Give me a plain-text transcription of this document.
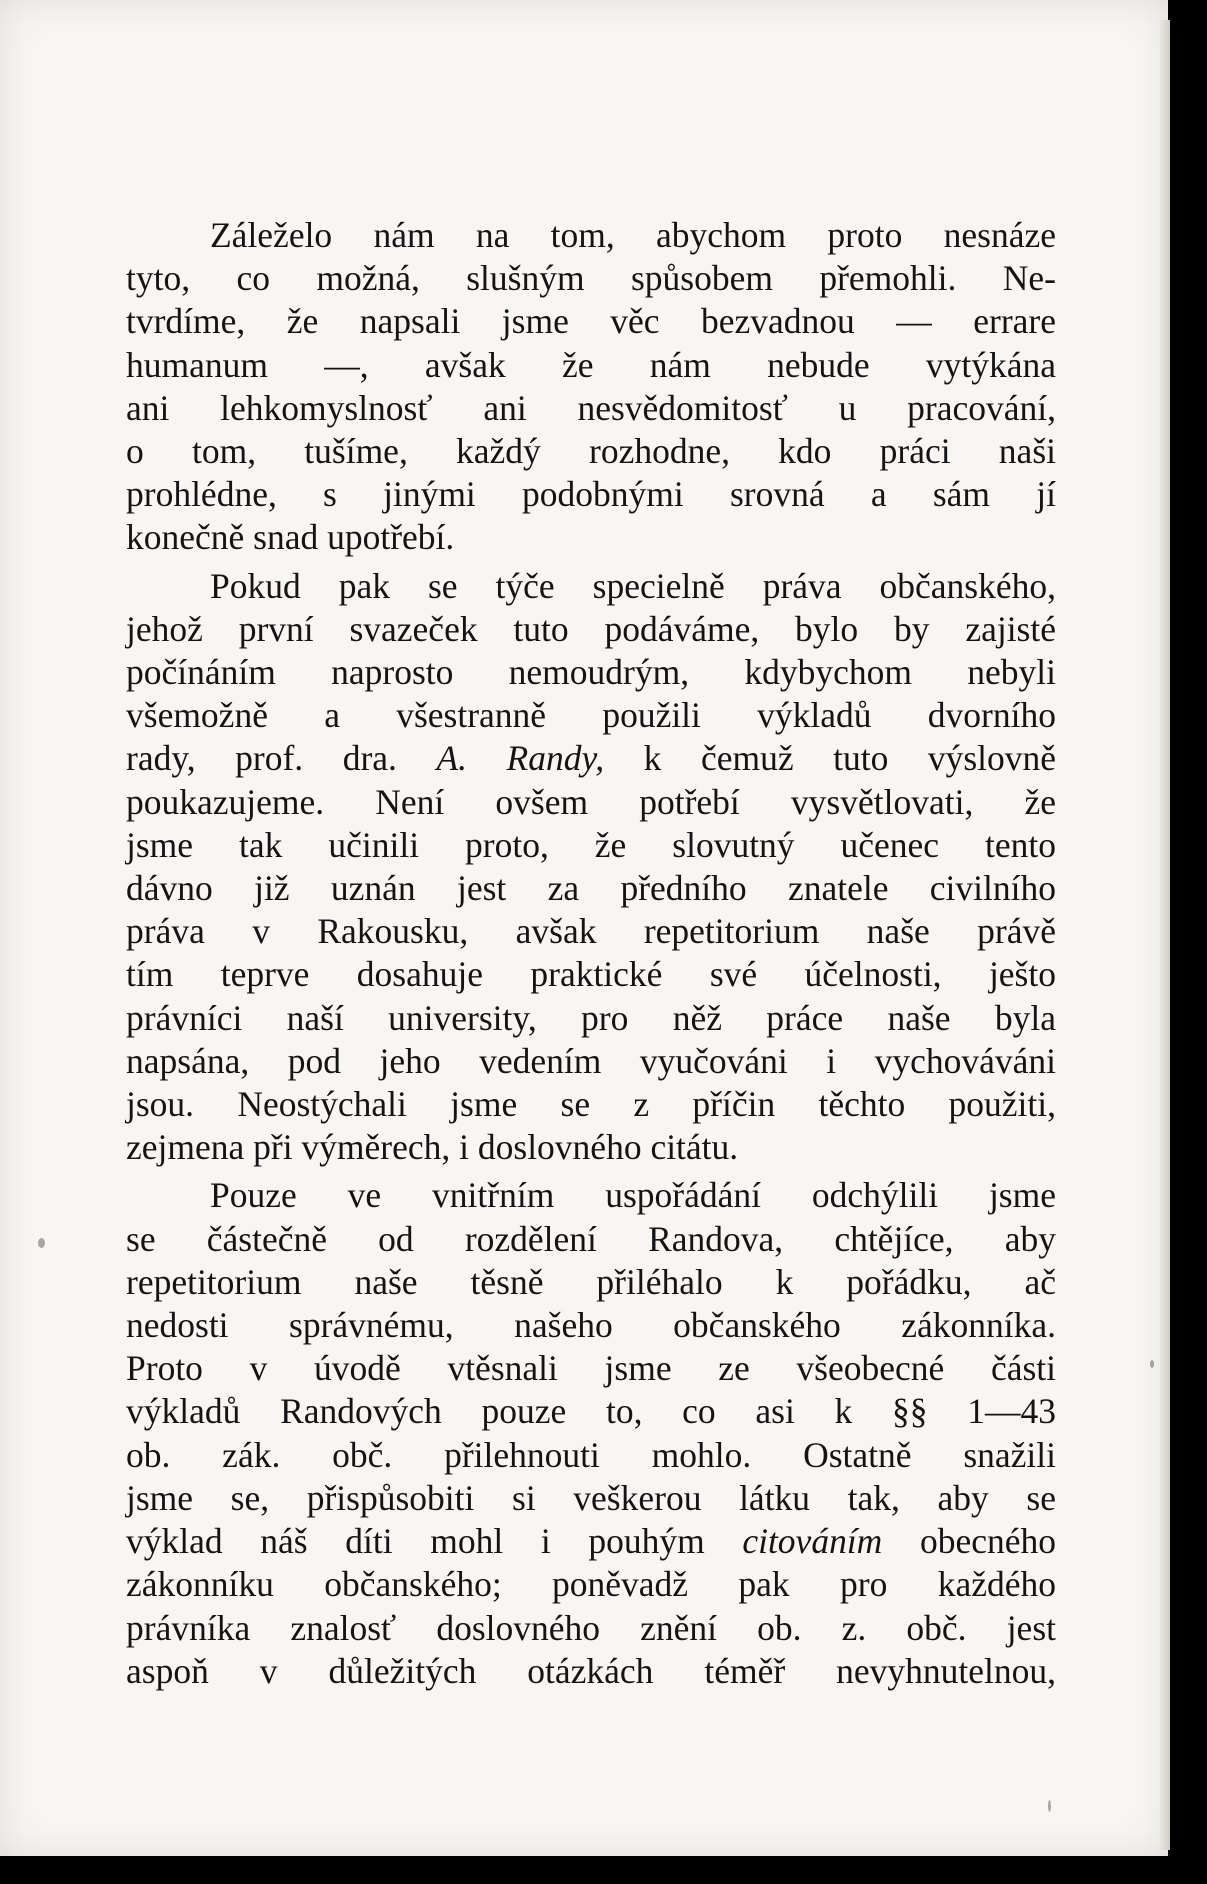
Záleželo nám na tom, abychom proto nesnáze
tyto, co možná, slušným spůsobem přemohli. Ne-
tvrdíme, že napsali jsme věc bezvadnou — errare
humanum —, avšak že nám nebude vytýkána
ani lehkomyslnosť ani nesvědomitosť u pracování,
o tom, tušíme, každý rozhodne, kdo práci naši
prohlédne, s jinými podobnými srovná a sám jí
konečně snad upotřebí.

Pokud pak se týče specielně práva občanského,
jehož první svazeček tuto podáváme, bylo by zajisté
počínáním naprosto nemoudrým, kdybychom nebyli
všemožně a všestranně použili výkladů dvorního
rady, prof. dra. A. Randy, k čemuž tuto výslovně
poukazujeme. Není ovšem potřebí vysvětlovati, že
jsme tak učinili proto, že slovutný učenec tento
dávno již uznán jest za předního znatele civilního
práva v Rakousku, avšak repetitorium naše právě
tím teprve dosahuje praktické své účelnosti, ješto
právníci naší university, pro něž práce naše byla
napsána, pod jeho vedením vyučováni i vychováváni
jsou. Neostýchali jsme se z příčin těchto použiti,
zejmena při výměrech, i doslovného citátu.

Pouze ve vnitřním uspořádání odchýlili jsme
se částečně od rozdělení Randova, chtějíce, aby
repetitorium naše těsně přiléhalo k pořádku, ač
nedosti správnému, našeho občanského zákonníka.
Proto v úvodě vtěsnali jsme ze všeobecné části
výkladů Randových pouze to, co asi k §§ 1—43
ob. zák. obč. přilehnouti mohlo. Ostatně snažili
jsme se, přispůsobiti si veškerou látku tak, aby se
výklad náš díti mohl i pouhým citováním obecného
zákonníku občanského; poněvadž pak pro každého
právníka znalosť doslovného znění ob. z. obč. jest
aspoň v důležitých otázkách téměř nevyhnutelnou,
